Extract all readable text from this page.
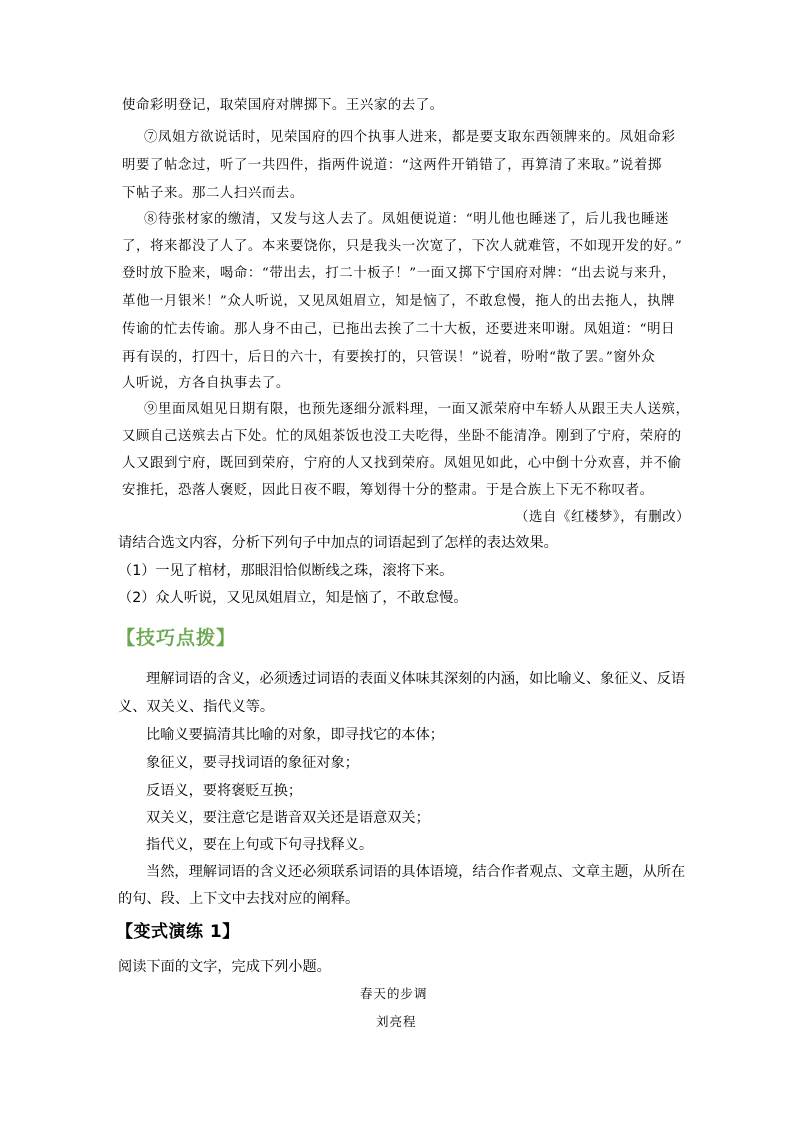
使命彩明登记，取荣国府对牌掷下。王兴家的去了。
⑦凤姐方欲说话时，见荣国府的四个执事人进来，都是要支取东西领牌来的。凤姐命彩
明要了帖念过，听了一共四件，指两件说道：“这两件开销错了，再算清了来取。”说着掷
下帖子来。那二人扫兴而去。
⑧待张材家的缴清，又发与这人去了。凤姐便说道：“明儿他也睡迷了，后儿我也睡迷
了，将来都没了人了。本来要饶你，只是我头一次宽了，下次人就难管，不如现开发的好。”
登时放下脸来，喝命：“带出去，打二十板子！”一面又掷下宁国府对牌：“出去说与来升，
革他一月银米！”众人听说，又见凤姐眉立，知是恼了，不敢怠慢，拖人的出去拖人，执牌
传谕的忙去传谕。那人身不由己，已拖出去挨了二十大板，还要进来叩谢。凤姐道：“明日
再有误的，打四十，后日的六十，有要挨打的，只管误！”说着，吩咐“散了罢。”窗外众
人听说，方各自执事去了。
⑨里面凤姐见日期有限，也预先逐细分派料理，一面又派荣府中车轿人从跟王夫人送殡，
又顾自己送殡去占下处。忙的凤姐茶饭也没工夫吃得，坐卧不能清净。刚到了宁府，荣府的
人又跟到宁府，既回到荣府，宁府的人又找到荣府。凤姐见如此，心中倒十分欢喜，并不偷
安推托，恐落人褒贬，因此日夜不暇，筹划得十分的整肃。于是合族上下无不称叹者。
（选自《红楼梦》，有删改）
请结合选文内容，分析下列句子中加点的词语起到了怎样的表达效果。
（1）一见了棺材，那眼泪恰似断线之珠，滚将下来。
（2）众人听说，又见凤姐眉立，知是恼了，不敢怠慢。
【技巧点拨】
理解词语的含义，必须透过词语的表面义体味其深刻的内涵，如比喻义、象征义、反语
义、双关义、指代义等。
比喻义要搞清其比喻的对象，即寻找它的本体；
象征义，要寻找词语的象征对象；
反语义，要将褒贬互换；
双关义，要注意它是谐音双关还是语意双关；
指代义，要在上句或下句寻找释义。
当然，理解词语的含义还必须联系词语的具体语境，结合作者观点、文章主题，从所在
的句、段、上下文中去找对应的阐释。
【变式演练 1】
阅读下面的文字，完成下列小题。
春天的步调
刘亮程
